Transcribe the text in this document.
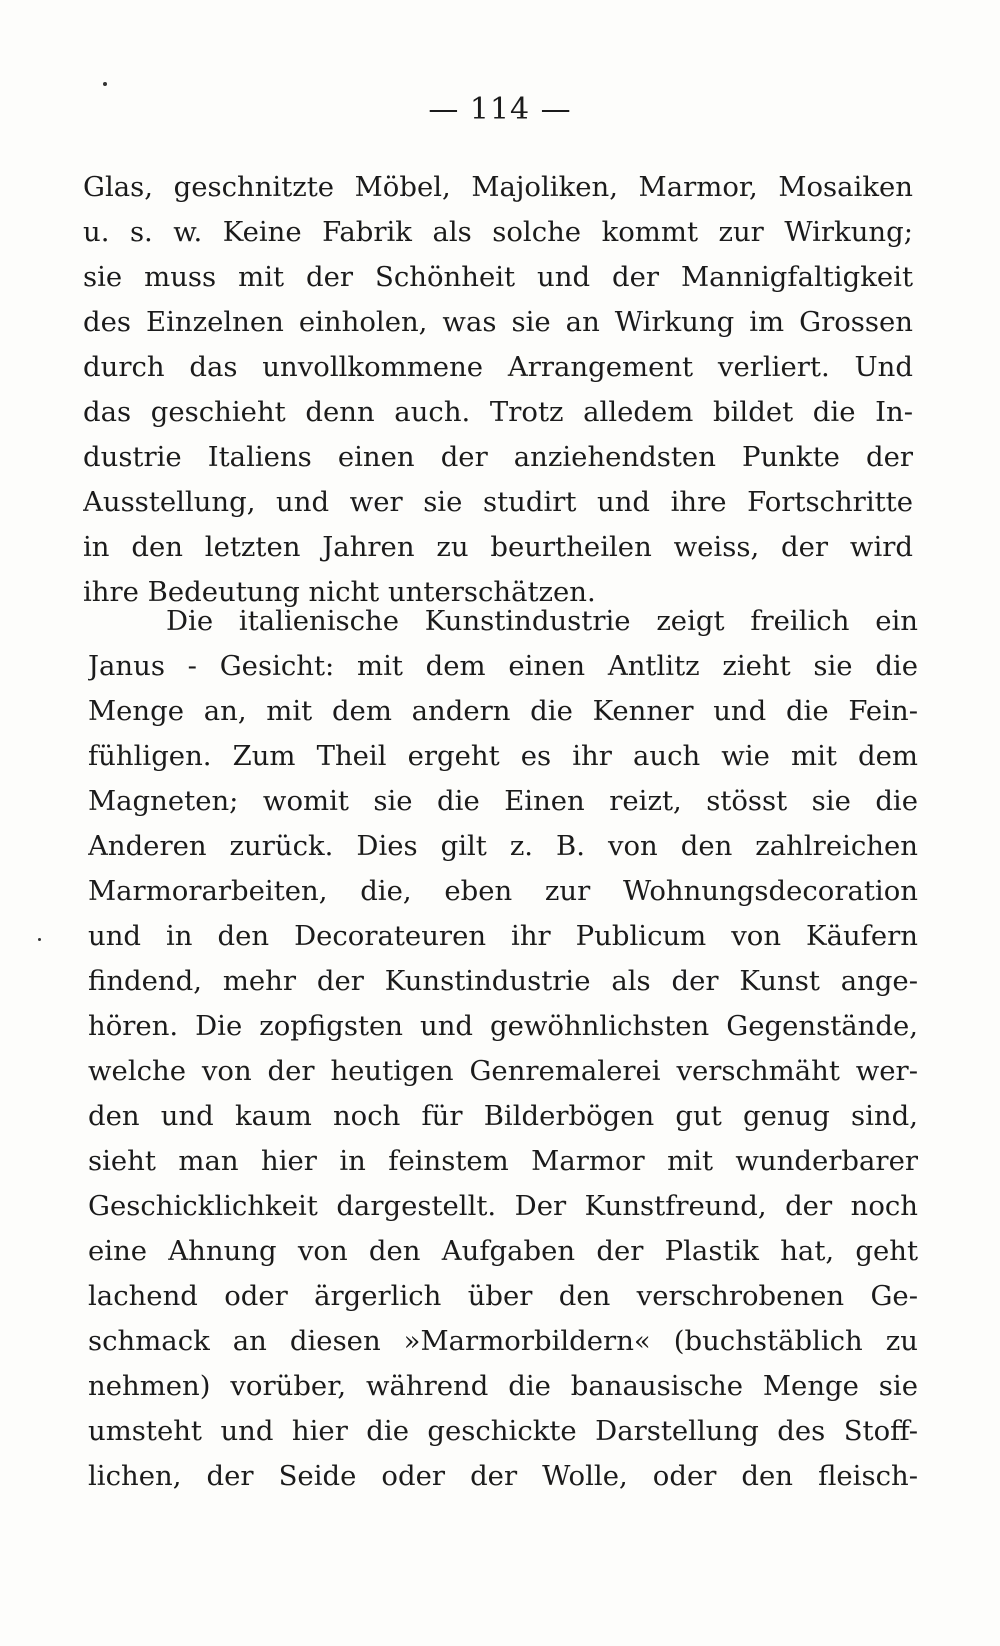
— 114 —
Glas, geschnitzte Möbel, Majoliken, Marmor, Mosaiken
u. s. w. Keine Fabrik als solche kommt zur Wirkung;
sie muss mit der Schönheit und der Mannigfaltigkeit
des Einzelnen einholen, was sie an Wirkung im Grossen
durch das unvollkommene Arrangement verliert. Und
das geschieht denn auch. Trotz alledem bildet die In-
dustrie Italiens einen der anziehendsten Punkte der
Ausstellung, und wer sie studirt und ihre Fortschritte
in den letzten Jahren zu beurtheilen weiss, der wird
ihre Bedeutung nicht unterschätzen.
Die italienische Kunstindustrie zeigt freilich ein
Janus - Gesicht: mit dem einen Antlitz zieht sie die
Menge an, mit dem andern die Kenner und die Fein-
fühligen. Zum Theil ergeht es ihr auch wie mit dem
Magneten; womit sie die Einen reizt, stösst sie die
Anderen zurück. Dies gilt z. B. von den zahlreichen
Marmorarbeiten, die, eben zur Wohnungsdecoration
und in den Decorateuren ihr Publicum von Käufern
findend, mehr der Kunstindustrie als der Kunst ange-
hören. Die zopfigsten und gewöhnlichsten Gegenstände,
welche von der heutigen Genremalerei verschmäht wer-
den und kaum noch für Bilderbögen gut genug sind,
sieht man hier in feinstem Marmor mit wunderbarer
Geschicklichkeit dargestellt. Der Kunstfreund, der noch
eine Ahnung von den Aufgaben der Plastik hat, geht
lachend oder ärgerlich über den verschrobenen Ge-
schmack an diesen »Marmorbildern« (buchstäblich zu
nehmen) vorüber, während die banausische Menge sie
umsteht und hier die geschickte Darstellung des Stoff-
lichen, der Seide oder der Wolle, oder den fleisch-
